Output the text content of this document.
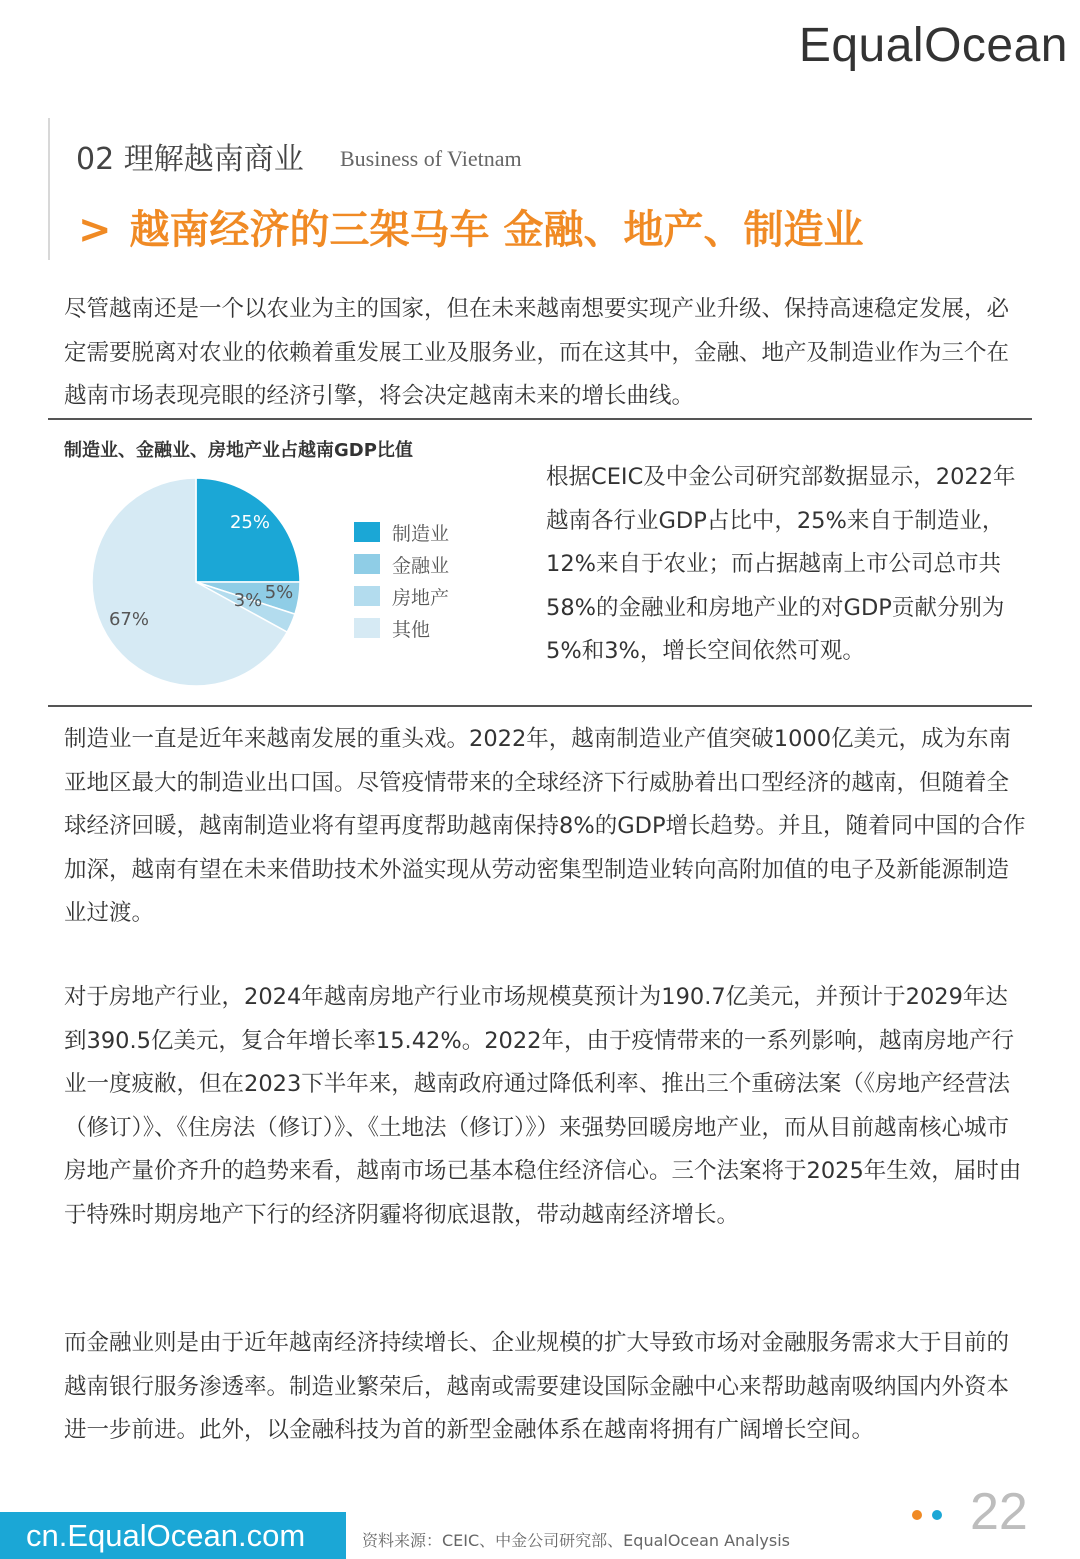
EqualOcean
02 理解越南商业 Business of Vietnam
> 越南经济的三架马车 金融、地产、制造业
尽管越南还是一个以农业为主的国家，但在未来越南想要实现产业升级、保持高速稳定发展，必定需要脱离对农业的依赖着重发展工业及服务业，而在这其中，金融、地产及制造业作为三个在越南市场表现亮眼的经济引擎，将会决定越南未来的增长曲线。
制造业、金融业、房地产业占越南GDP比值
25%
5%
3%
67%
制造业
金融业
房地产
其他
根据CEIC及中金公司研究部数据显示，2022年越南各行业GDP占比中，25%来自于制造业，12%来自于农业；而占据越南上市公司总市共58%的金融业和房地产业的对GDP贡献分别为5%和3%，增长空间依然可观。
制造业一直是近年来越南发展的重头戏。2022年，越南制造业产值突破1000亿美元，成为东南亚地区最大的制造业出口国。尽管疫情带来的全球经济下行威胁着出口型经济的越南，但随着全球经济回暖，越南制造业将有望再度帮助越南保持8%的GDP增长趋势。并且，随着同中国的合作加深，越南有望在未来借助技术外溢实现从劳动密集型制造业转向高附加值的电子及新能源制造业过渡。
对于房地产行业，2024年越南房地产行业市场规模莫预计为190.7亿美元，并预计于2029年达到390.5亿美元，复合年增长率15.42%。2022年，由于疫情带来的一系列影响，越南房地产行业一度疲敝，但在2023下半年来，越南政府通过降低利率、推出三个重磅法案（《房地产经营法（修订）》、《住房法（修订）》、《土地法（修订）》）来强势回暖房地产业，而从目前越南核心城市房地产量价齐升的趋势来看，越南市场已基本稳住经济信心。三个法案将于2025年生效，届时由于特殊时期房地产下行的经济阴霾将彻底退散，带动越南经济增长。
而金融业则是由于近年越南经济持续增长、企业规模的扩大导致市场对金融服务需求大于目前的越南银行服务渗透率。制造业繁荣后，越南或需要建设国际金融中心来帮助越南吸纳国内外资本进一步前进。此外，以金融科技为首的新型金融体系在越南将拥有广阔增长空间。
cn.EqualOcean.com	资料来源：CEIC、中金公司研究部、EqualOcean Analysis	22
